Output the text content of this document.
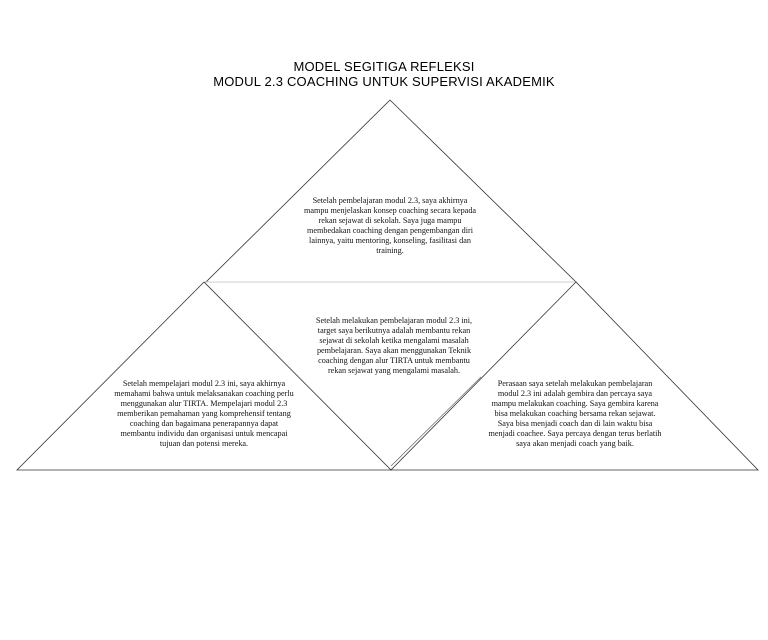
MODEL SEGITIGA REFLEKSI
MODUL 2.3 COACHING UNTUK SUPERVISI AKADEMIK
Setelah pembelajaran modul 2.3, saya akhirnya mampu menjelaskan konsep coaching secara kepada rekan sejawat di sekolah. Saya juga mampu membedakan coaching dengan pengembangan diri lainnya, yaitu mentoring, konseling, fasilitasi dan training.
Setelah melakukan pembelajaran modul 2.3 ini, target saya berikutnya adalah membantu rekan sejawat di sekolah ketika mengalami masalah pembelajaran. Saya akan menggunakan Teknik coaching dengan alur TIRTA untuk membantu rekan sejawat yang mengalami masalah.
Setelah mempelajari modul 2.3 ini, saya akhirnya memahami bahwa untuk melaksanakan coaching perlu menggunakan alur TIRTA. Mempelajari modul 2.3 memberikan pemahaman yang komprehensif tentang coaching dan bagaimana penerapannya dapat membantu individu dan organisasi untuk mencapai tujuan dan potensi mereka.
Perasaan saya setelah melakukan pembelajaran modul 2.3 ini adalah gembira dan percaya saya mampu melakukan coaching. Saya gembira karena bisa melakukan coaching bersama rekan sejawat. Saya bisa menjadi coach dan di lain waktu bisa menjadi coachee. Saya percaya dengan terus berlatih saya akan menjadi coach yang baik.
